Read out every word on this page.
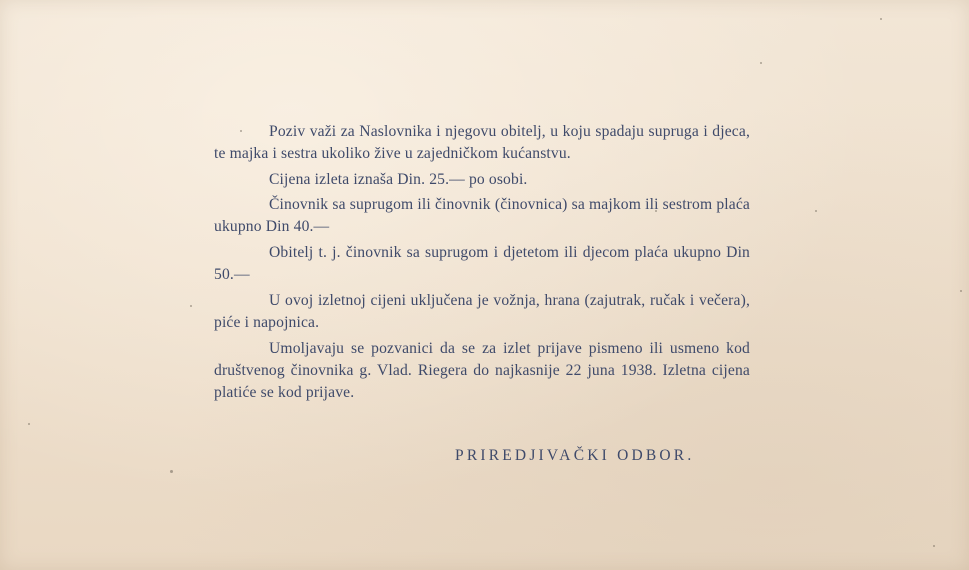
Poziv važi za Naslovnika i njegovu obitelj, u koju spadaju supruga i djeca, te majka i sestra ukoliko žive u zajedničkom kućanstvu.

Cijena izleta iznaša Din. 25.— po osobi.

Činovnik sa suprugom ili činovnik (činovnica) sa majkom ili sestrom plaća ukupno Din 40.—

Obitelj t. j. činovnik sa suprugom i djetetom ili djecom plaća ukupno Din 50.—

U ovoj izletnoj cijeni uključena je vožnja, hrana (zajutrak, ručak i večera), piće i napojnica.

Umoljavaju se pozvanici da se za izlet prijave pismeno ili usmeno kod društvenog činovnika g. Vlad. Riegera do najkasnije 22 juna 1938. Izletna cijena platiće se kod prijave.

PRIREDJIVAČKI ODBOR.
